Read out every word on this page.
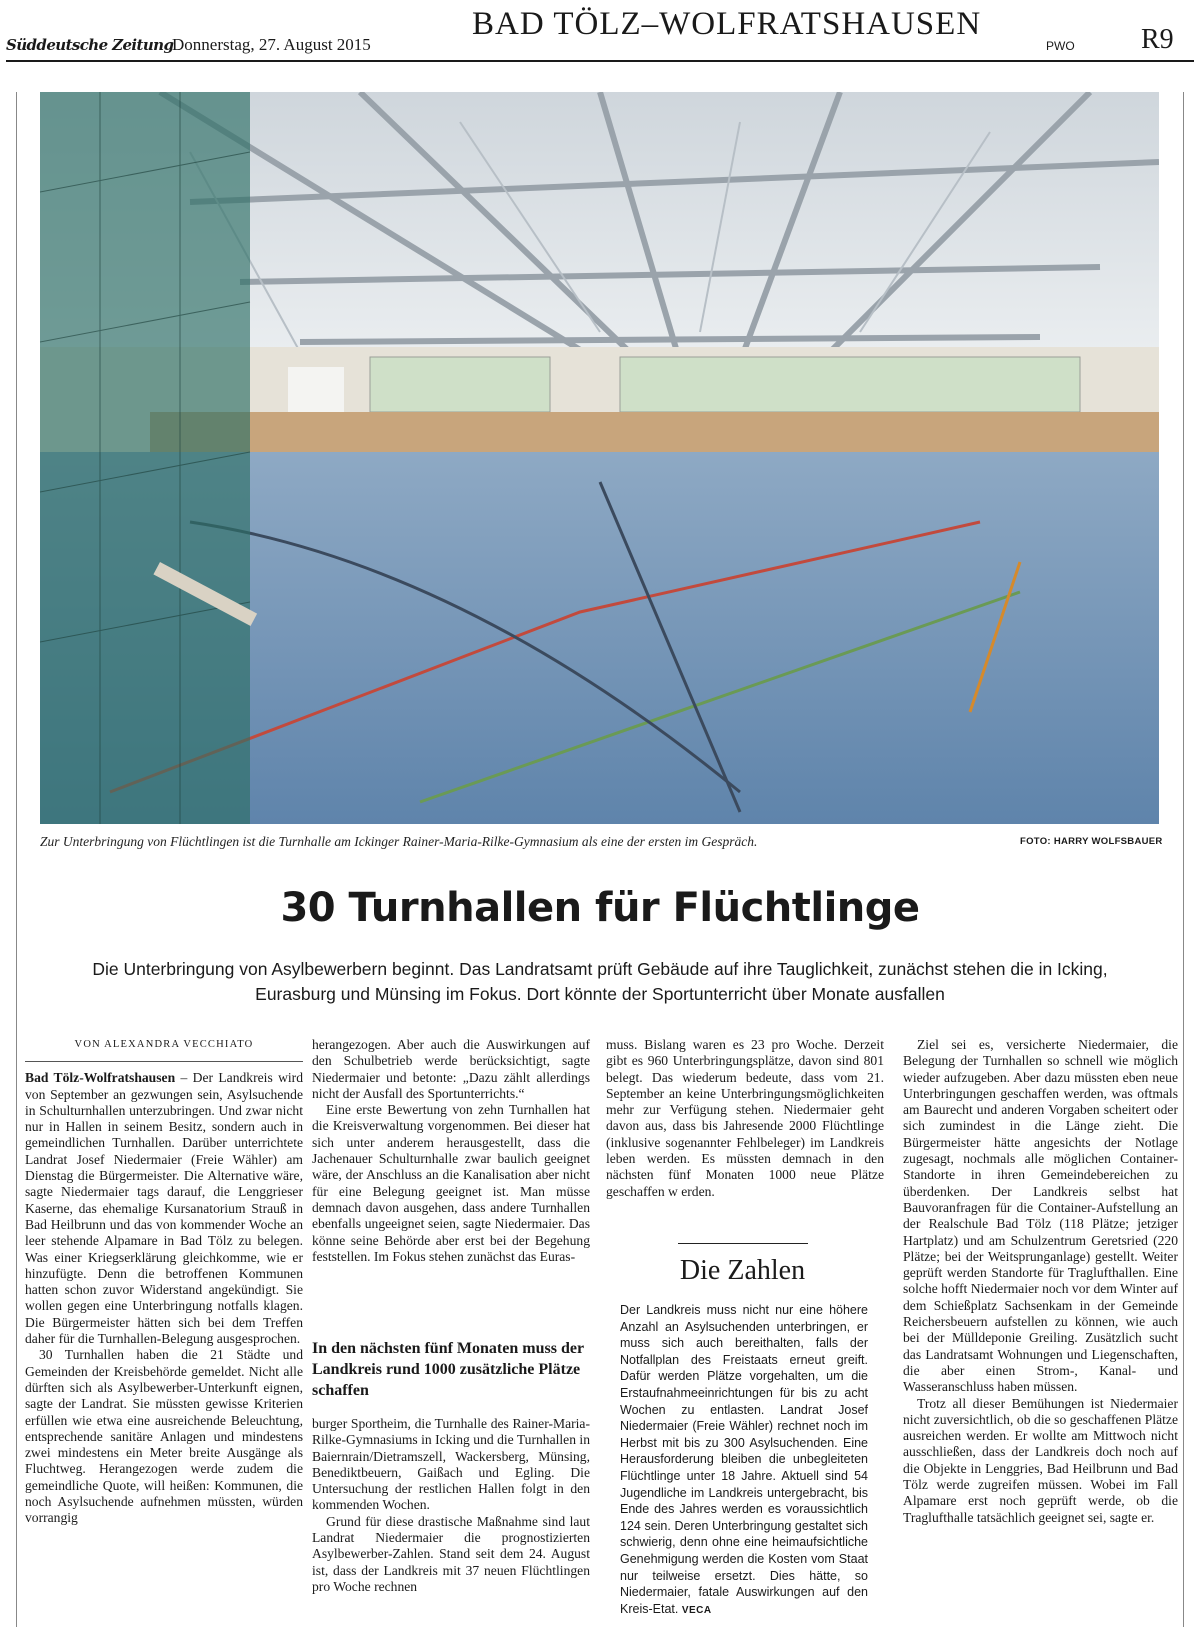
Süddeutsche Zeitung
Donnerstag, 27. August 2015
BAD TÖLZ–WOLFRATSHAUSEN
PWO R9
Zur Unterbringung von Flüchtlingen ist die Turnhalle am Ickinger Rainer-Maria-Rilke-Gymnasium als eine der ersten im Gespräch.	FOTO: HARRY WOLFSBAUER
30 Turnhallen für Flüchtlinge
Die Unterbringung von Asylbewerbern beginnt. Das Landratsamt prüft Gebäude auf ihre Tauglichkeit, zunächst stehen die in Icking, Eurasburg und Münsing im Fokus. Dort könnte der Sportunterricht über Monate ausfallen
VON ALEXANDRA VECCHIATO

Bad Tölz-Wolfratshausen – Der Landkreis wird von September an gezwungen sein, Asylsuchende in Schulturnhallen unterzubringen. Und zwar nicht nur in Hallen in seinem Besitz, sondern auch in gemeindlichen Turnhallen. Darüber unterrichtete Landrat Josef Niedermaier (Freie Wähler) am Dienstag die Bürgermeister. Die Alternative wäre, sagte Niedermaier tags darauf, die Lenggrieser Kaserne, das ehemalige Kursanatorium Strauß in Bad Heilbrunn und das von kommender Woche an leer stehende Alpamare in Bad Tölz zu belegen. Was einer Kriegserklärung gleichkomme, wie er hinzufügte. Denn die betroffenen Kommunen hatten schon zuvor Widerstand angekündigt. Sie wollen gegen eine Unterbringung notfalls klagen. Die Bürgermeister hätten sich bei dem Treffen daher für die Turnhallen-Belegung ausgesprochen.

30 Turnhallen haben die 21 Städte und Gemeinden der Kreisbehörde gemeldet. Nicht alle dürften sich als Asylbewerber-Unterkunft eignen, sagte der Landrat. Sie müssten gewisse Kriterien erfüllen wie etwa eine ausreichende Beleuchtung, entsprechende sanitäre Anlagen und mindestens zwei mindestens ein Meter breite Ausgänge als Fluchtweg. Herangezogen werde zudem die gemeindliche Quote, will heißen: Kommunen, die noch Asylsuchende aufnehmen müssten, würden vorrangig

herangezogen. Aber auch die Auswirkungen auf den Schulbetrieb werde berücksichtigt, sagte Niedermaier und betonte: „Dazu zählt allerdings nicht der Ausfall des Sportunterrichts.“

Eine erste Bewertung von zehn Turnhallen hat die Kreisverwaltung vorgenommen. Bei dieser hat sich unter anderem herausgestellt, dass die Jachenauer Schulturnhalle zwar baulich geeignet wäre, der Anschluss an die Kanalisation aber nicht für eine Belegung geeignet ist. Man müsse demnach davon ausgehen, dass andere Turnhallen ebenfalls ungeeignet seien, sagte Niedermaier. Das könne seine Behörde aber erst bei der Begehung feststellen. Im Fokus stehen zunächst das Euras-

In den nächsten fünf Monaten muss der Landkreis rund 1000 zusätzliche Plätze schaffen

burger Sportheim, die Turnhalle des Rainer-Maria-Rilke-Gymnasiums in Icking und die Turnhallen in Baiernrain/Dietramszell, Wackersberg, Münsing, Benediktbeuern, Gaißach und Egling. Die Untersuchung der restlichen Hallen folgt in den kommenden Wochen.

Grund für diese drastische Maßnahme sind laut Landrat Niedermaier die prognostizierten Asylbewerber-Zahlen. Stand seit dem 24. August ist, dass der Landkreis mit 37 neuen Flüchtlingen pro Woche rechnen

muss. Bislang waren es 23 pro Woche. Derzeit gibt es 960 Unterbringungsplätze, davon sind 801 belegt. Das wiederum bedeute, dass vom 21. September an keine Unterbringungsmöglichkeiten mehr zur Verfügung stehen. Niedermaier geht davon aus, dass bis Jahresende 2000 Flüchtlinge (inklusive sogenannter Fehlbeleger) im Landkreis leben werden. Es müssten demnach in den nächsten fünf Monaten 1000 neue Plätze geschaffen w erden.

Die Zahlen
Der Landkreis muss nicht nur eine höhere Anzahl an Asylsuchenden unterbringen, er muss sich auch bereithalten, falls der Notfallplan des Freistaats erneut greift. Dafür werden Plätze vorgehalten, um die Erstaufnahmeeinrichtungen für bis zu acht Wochen zu entlasten. Landrat Josef Niedermaier (Freie Wähler) rechnet noch im Herbst mit bis zu 300 Asylsuchenden. Eine Herausforderung bleiben die unbegleiteten Flüchtlinge unter 18 Jahre. Aktuell sind 54 Jugendliche im Landkreis untergebracht, bis Ende des Jahres werden es voraussichtlich 124 sein. Deren Unterbringung gestaltet sich schwierig, denn ohne eine heimaufsichtliche Genehmigung werden die Kosten vom Staat nur teilweise ersetzt. Dies hätte, so Niedermaier, fatale Auswirkungen auf den Kreis-Etat. VECA

Ziel sei es, versicherte Niedermaier, die Belegung der Turnhallen so schnell wie möglich wieder aufzugeben. Aber dazu müssten eben neue Unterbringungen geschaffen werden, was oftmals am Baurecht und anderen Vorgaben scheitert oder sich zumindest in die Länge zieht. Die Bürgermeister hätte angesichts der Notlage zugesagt, nochmals alle möglichen Container-Standorte in ihren Gemeindebereichen zu überdenken. Der Landkreis selbst hat Bauvoranfragen für die Container-Aufstellung an der Realschule Bad Tölz (118 Plätze; jetziger Hartplatz) und am Schulzentrum Geretsried (220 Plätze; bei der Weitsprunganlage) gestellt. Weiter geprüft werden Standorte für Traglufthallen. Eine solche hofft Niedermaier noch vor dem Winter auf dem Schießplatz Sachsenkam in der Gemeinde Reichersbeuern aufstellen zu können, wie auch bei der Mülldeponie Greiling. Zusätzlich sucht das Landratsamt Wohnungen und Liegenschaften, die aber einen Strom-, Kanal- und Wasseranschluss haben müssen.

Trotz all dieser Bemühungen ist Niedermaier nicht zuversichtlich, ob die so geschaffenen Plätze ausreichen werden. Er wollte am Mittwoch nicht ausschließen, dass der Landkreis doch noch auf die Objekte in Lenggries, Bad Heilbrunn und Bad Tölz werde zugreifen müssen. Wobei im Fall Alpamare erst noch geprüft werde, ob die Traglufthalle tatsächlich geeignet sei, sagte er.
